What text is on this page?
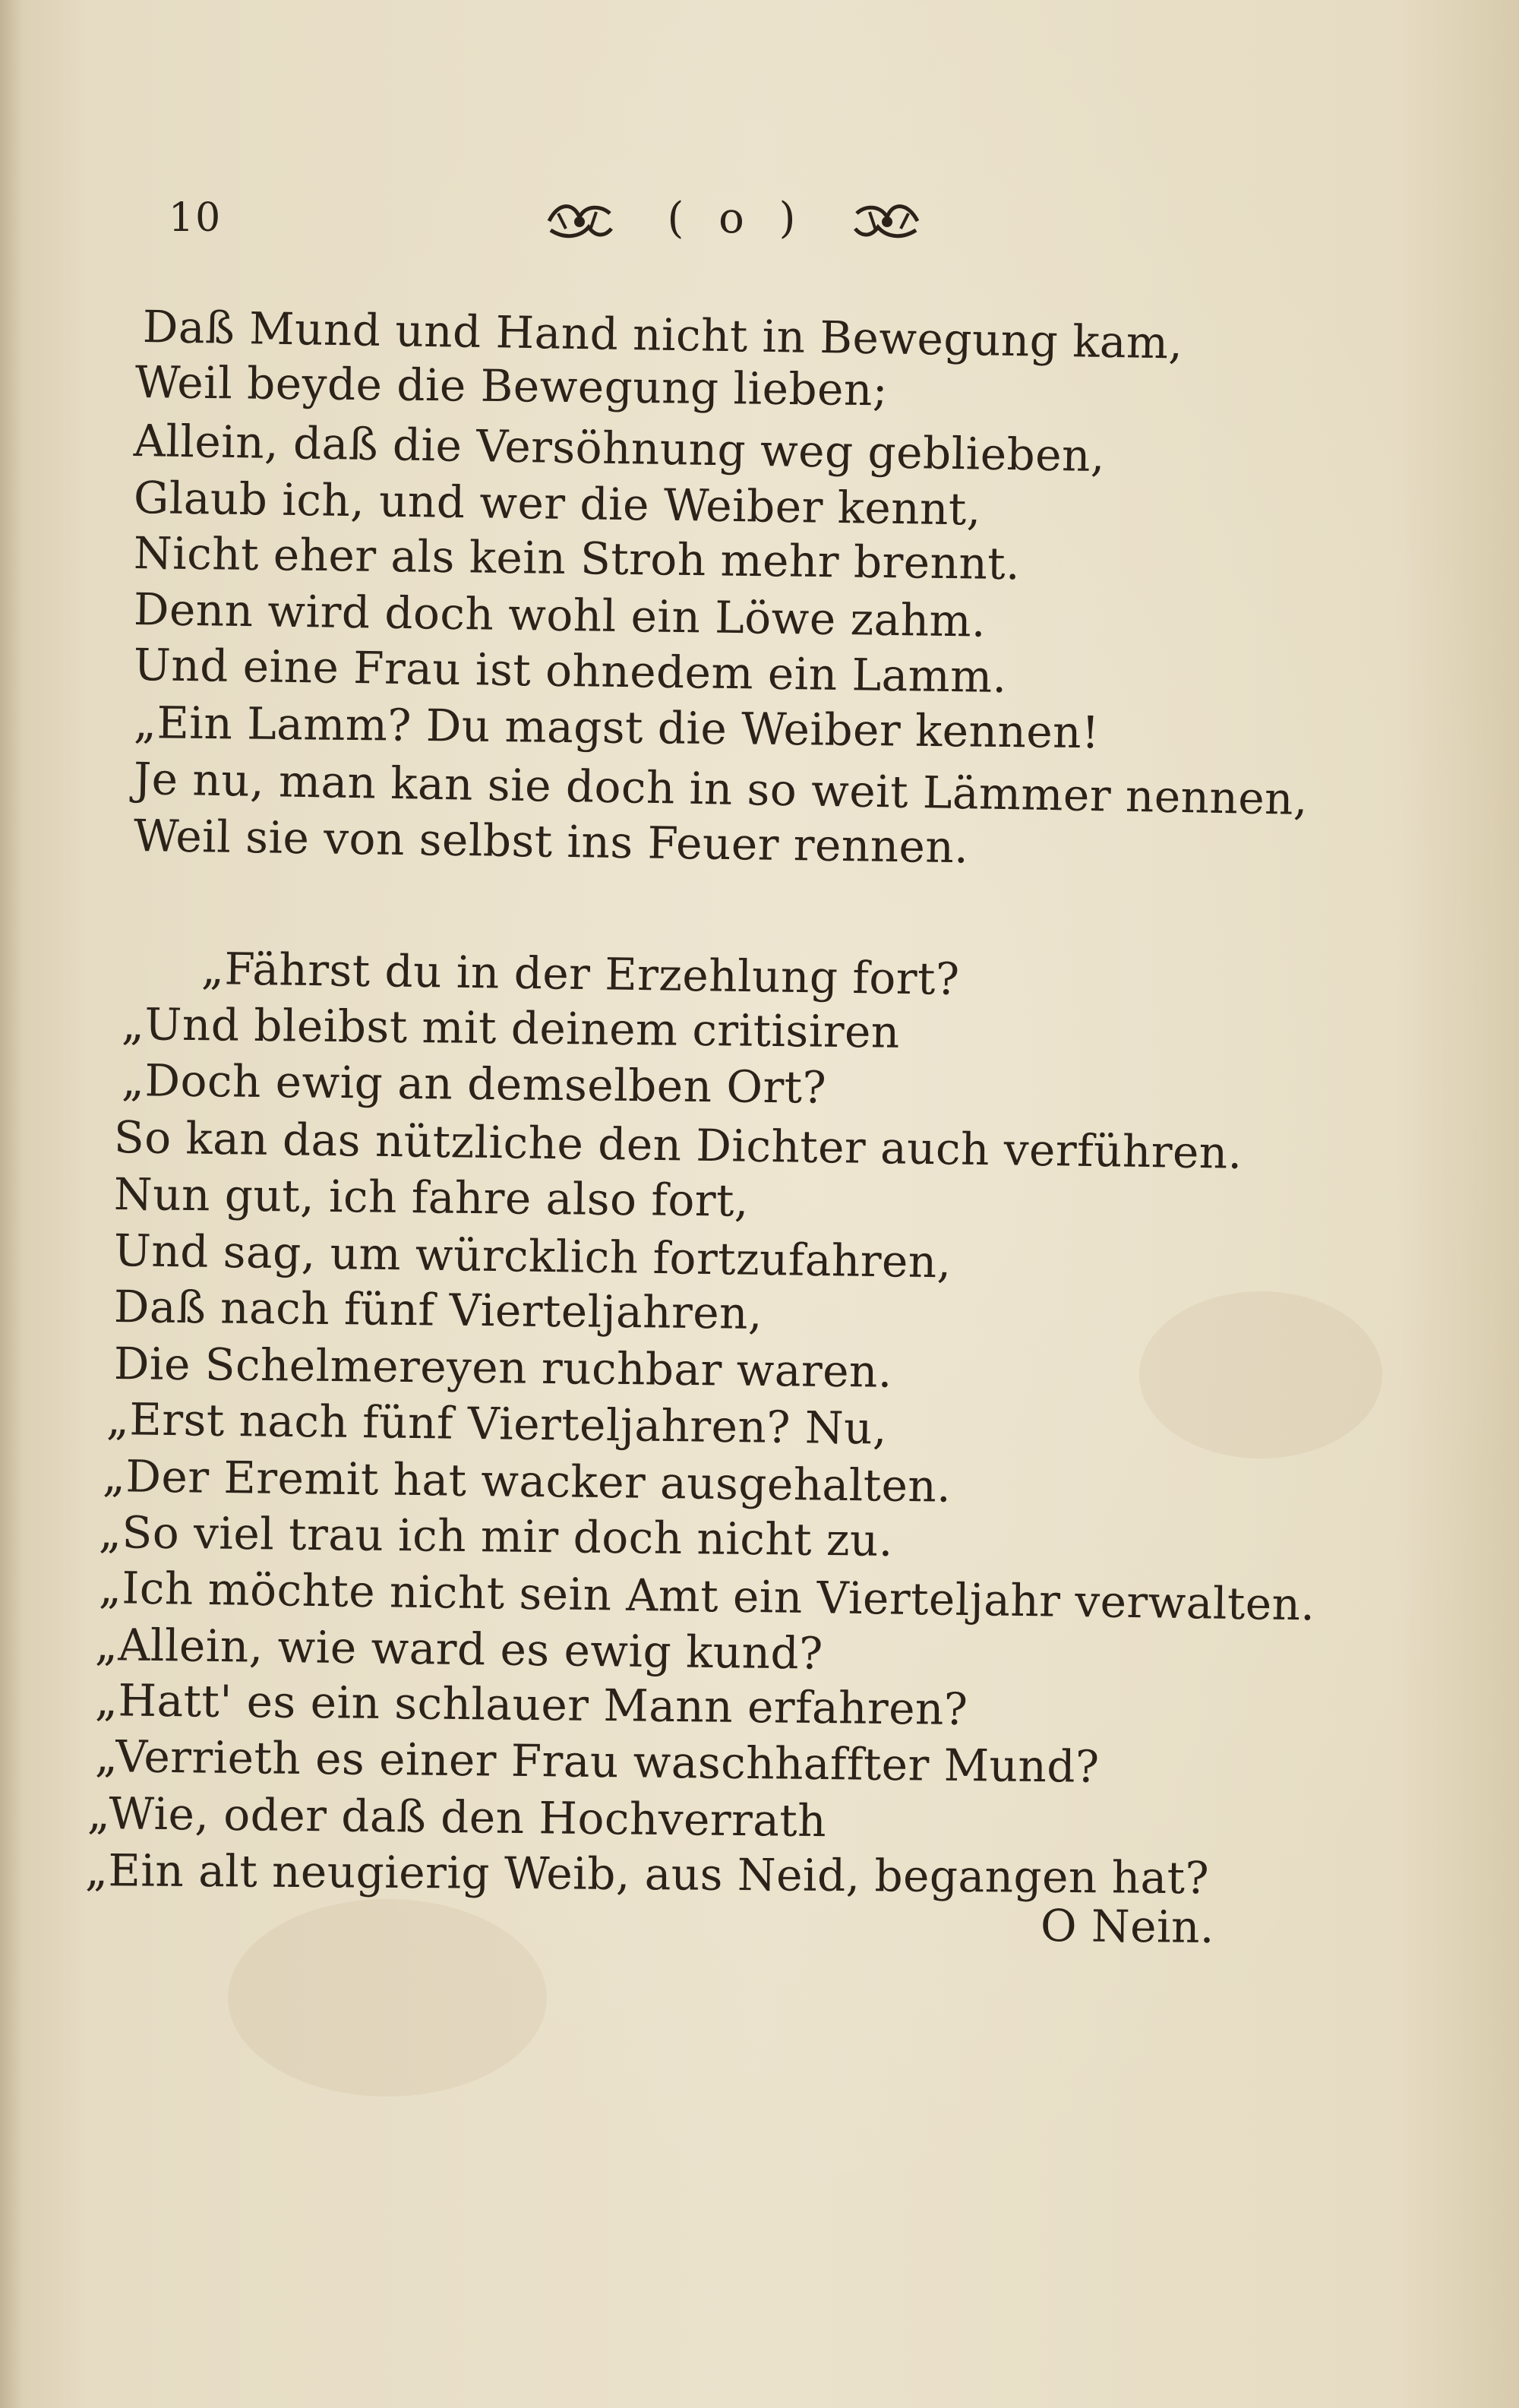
10	( o )
Daß Mund und Hand nicht in Bewegung kam,
Weil beyde die Bewegung lieben;
Allein, daß die Versöhnung weg geblieben,
Glaub ich, und wer die Weiber kennt,
Nicht eher als kein Stroh mehr brennt.
Denn wird doch wohl ein Löwe zahm.
Und eine Frau ist ohnedem ein Lamm.
„Ein Lamm? Du magst die Weiber kennen!
Je nu, man kan sie doch in so weit Lämmer nennen,
Weil sie von selbst ins Feuer rennen.
„Fährst du in der Erzehlung fort?
„Und bleibst mit deinem critisiren
„Doch ewig an demselben Ort?
So kan das nützliche den Dichter auch verführen.
Nun gut, ich fahre also fort,
Und sag, um würcklich fortzufahren,
Daß nach fünf Vierteljahren,
Die Schelmereyen ruchbar waren.
„Erst nach fünf Vierteljahren? Nu,
„Der Eremit hat wacker ausgehalten.
„So viel trau ich mir doch nicht zu.
„Ich möchte nicht sein Amt ein Vierteljahr verwalten.
„Allein, wie ward es ewig kund?
„Hatt' es ein schlauer Mann erfahren?
„Verrieth es einer Frau waschhaffter Mund?
„Wie, oder daß den Hochverrath
„Ein alt neugierig Weib, aus Neid, begangen hat?
O Nein.
